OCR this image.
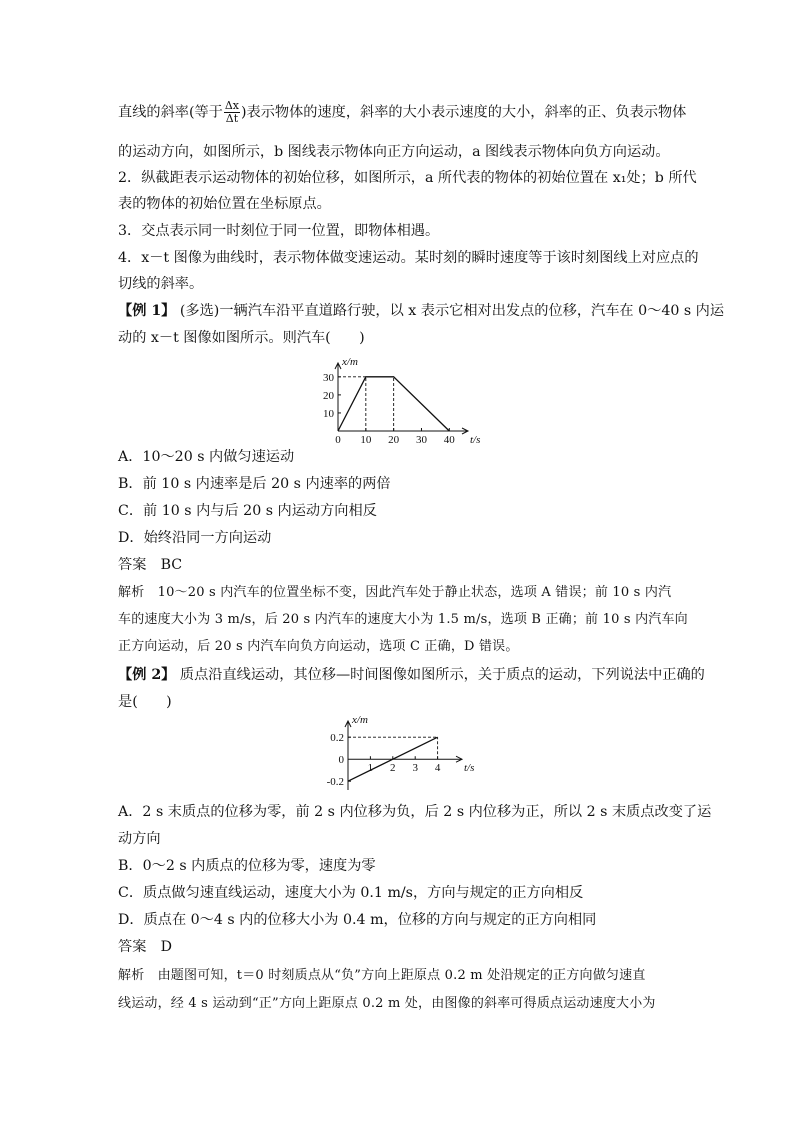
直线的斜率(等于 $\frac{\Delta x}{\Delta t}$ )表示物体的速度，斜率的大小表示速度的大小，斜率的正、负表示物体
的运动方向，如图所示，b 图线表示物体向正方向运动，a 图线表示物体向负方向运动。
2．纵截距表示运动物体的初始位移，如图所示，a 所代表的物体的初始位置在 x₁处；b 所代
表的物体的初始位置在坐标原点。
3．交点表示同一时刻位于同一位置，即物体相遇。
4．x－t 图像为曲线时，表示物体做变速运动。某时刻的瞬时速度等于该时刻图线上对应点的
切线的斜率。
【例 1】 (多选)一辆汽车沿平直道路行驶，以 x 表示它相对出发点的位移，汽车在 0～40 s 内运
动的 x－t 图像如图所示。则汽车(　　)
x/m
t/s
0 10 20 30 40
10
20
30
A．10～20 s 内做匀速运动
B．前 10 s 内速率是后 20 s 内速率的两倍
C．前 10 s 内与后 20 s 内运动方向相反
D．始终沿同一方向运动
答案　BC
解析　10～20 s 内汽车的位置坐标不变，因此汽车处于静止状态，选项 A 错误；前 10 s 内汽
车的速度大小为 3 m/s，后 20 s 内汽车的速度大小为 1.5 m/s，选项 B 正确；前 10 s 内汽车向
正方向运动，后 20 s 内汽车向负方向运动，选项 C 正确，D 错误。
【例 2】 质点沿直线运动，其位移—时间图像如图所示，关于质点的运动，下列说法中正确的
是(　　)
x/m
t/s
1 2 3 4
-0.2
0.2
0
A．2 s 末质点的位移为零，前 2 s 内位移为负，后 2 s 内位移为正，所以 2 s 末质点改变了运
动方向
B．0～2 s 内质点的位移为零，速度为零
C．质点做匀速直线运动，速度大小为 0.1 m/s，方向与规定的正方向相反
D．质点在 0～4 s 内的位移大小为 0.4 m，位移的方向与规定的正方向相同
答案　D
解析　由题图可知，t＝0 时刻质点从“负”方向上距原点 0.2 m 处沿规定的正方向做匀速直
线运动，经 4 s 运动到“正”方向上距原点 0.2 m 处，由图像的斜率可得质点运动速度大小为
